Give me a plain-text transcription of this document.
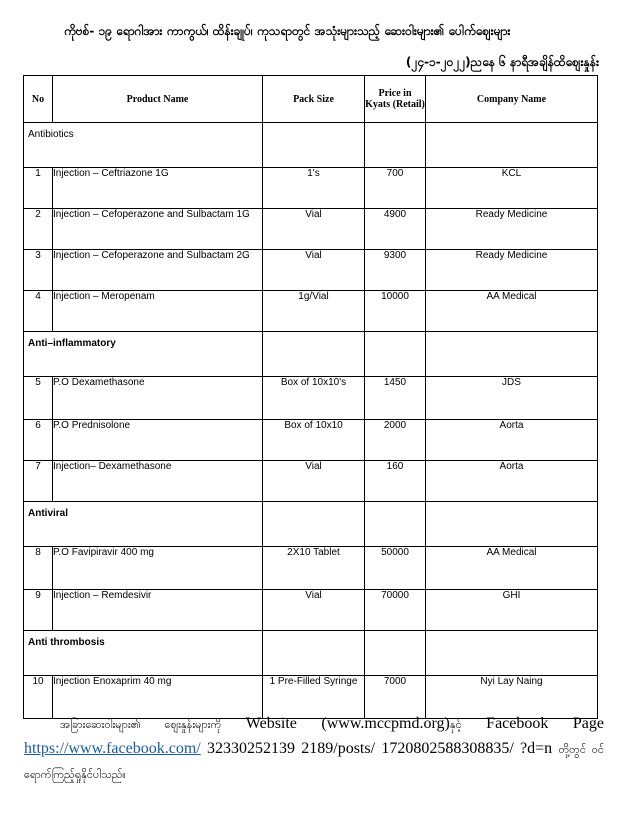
ကိုဗစ်- ၁၉ ရောဂါအား ကာကွယ်၊ ထိန်းချုပ်၊ ကုသရာတွင် အသုံးများသည့် ဆေးဝါးများ၏ ပေါက်ဈေးများ
(၂၄-၁-၂၀၂၂)ညနေ ၆ နာရီအချိန်ထိဈေးနှုန်း
No	Product Name	Pack Size	Price in Kyats (Retail)	Company Name
Antibiotics				
1	Injection – Ceftriazone 1G	1's	700	KCL
2	Injection – Cefoperazone and Sulbactam 1G	Vial	4900	Ready Medicine
3	Injection – Cefoperazone and Sulbactam 2G	Vial	9300	Ready Medicine
4	Injection – Meropenam	1g/Vial	10000	AA Medical
Anti–inflammatory				
5	P.O Dexamethasone	Box of 10x10's	1450	JDS
6	P.O Prednisolone	Box of 10x10	2000	Aorta
7	Injection– Dexamethasone	Vial	160	Aorta
Antiviral				
8	P.O Favipiravir 400 mg	2X10 Tablet	50000	AA Medical
9	Injection – Remdesivir	Vial	70000	GHI
Anti thrombosis				
10	Injection Enoxaprim 40 mg	1 Pre-Filled Syringe	7000	Nyi Lay Naing
အခြားဆေးဝါးများ၏ ဈေးနှုန်းများကို Website (www.mccpmd.org)နှင့် Facebook Page https://www.facebook.com/ 32330252139 2189/posts/ 1720802588308835/ ?d=n တို့တွင် ဝင်ရောက်ကြည့်ရှုနိုင်ပါသည်။
